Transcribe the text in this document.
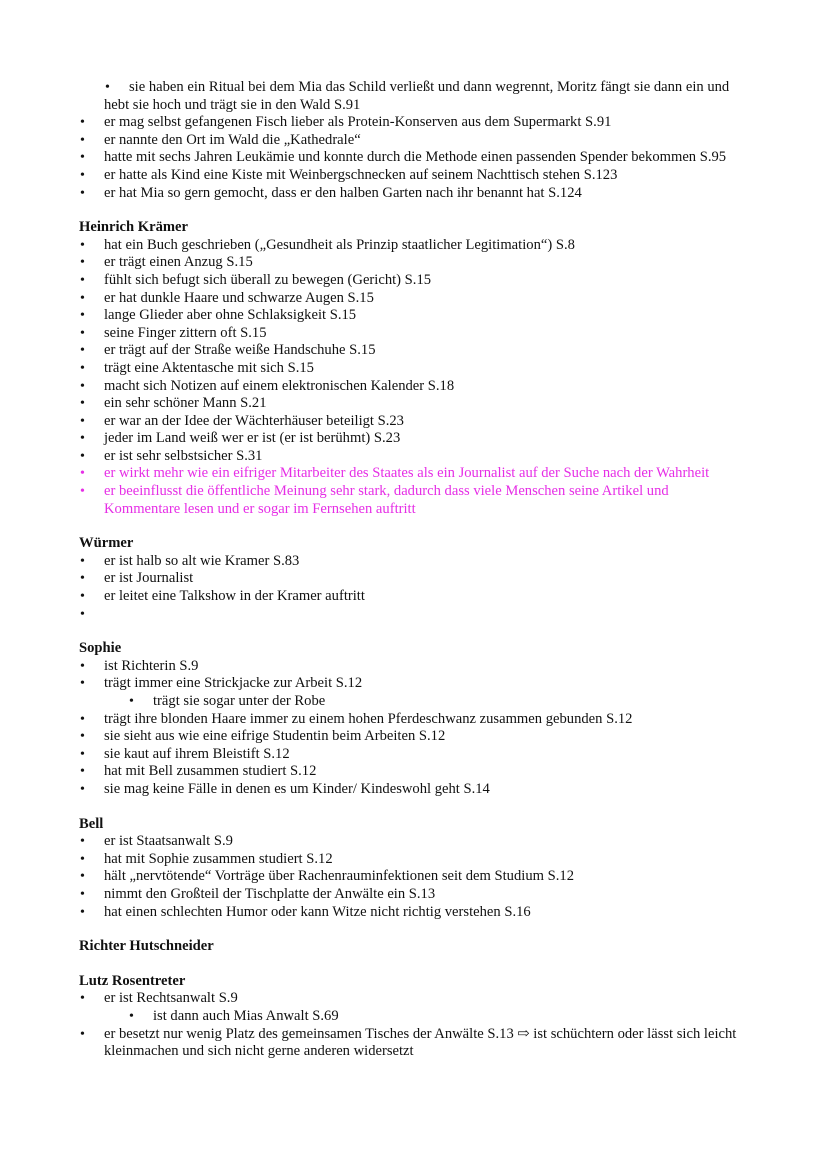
• sie haben ein Ritual bei dem Mia das Schild verließt und dann wegrennt, Moritz fängt sie dann ein und hebt sie hoch und trägt sie in den Wald S.91
• er mag selbst gefangenen Fisch lieber als Protein-Konserven aus dem Supermarkt S.91
• er nannte den Ort im Wald die „Kathedrale“
• hatte mit sechs Jahren Leukämie und konnte durch die Methode einen passenden Spender bekommen S.95
• er hatte als Kind eine Kiste mit Weinbergschnecken auf seinem Nachttisch stehen S.123
• er hat Mia so gern gemocht, dass er den halben Garten nach ihr benannt hat S.124
Heinrich Krämer
• hat ein Buch geschrieben („Gesundheit als Prinzip staatlicher Legitimation“) S.8
• er trägt einen Anzug S.15
• fühlt sich befugt sich überall zu bewegen (Gericht) S.15
• er hat dunkle Haare und schwarze Augen S.15
• lange Glieder aber ohne Schlaksigkeit S.15
• seine Finger zittern oft S.15
• er trägt auf der Straße weiße Handschuhe S.15
• trägt eine Aktentasche mit sich S.15
• macht sich Notizen auf einem elektronischen Kalender S.18
• ein sehr schöner Mann S.21
• er war an der Idee der Wächterhäuser beteiligt S.23
• jeder im Land weiß wer er ist (er ist berühmt) S.23
• er ist sehr selbstsicher S.31
• er wirkt mehr wie ein eifriger Mitarbeiter des Staates als ein Journalist auf der Suche nach der Wahrheit
• er beeinflusst die öffentliche Meinung sehr stark, dadurch dass viele Menschen seine Artikel und Kommentare lesen und er sogar im Fernsehen auftritt
Würmer
• er ist halb so alt wie Kramer S.83
• er ist Journalist
• er leitet eine Talkshow in der Kramer auftritt
•
Sophie
• ist Richterin S.9
• trägt immer eine Strickjacke zur Arbeit S.12
• trägt sie sogar unter der Robe
• trägt ihre blonden Haare immer zu einem hohen Pferdeschwanz zusammen gebunden S.12
• sie sieht aus wie eine eifrige Studentin beim Arbeiten S.12
• sie kaut auf ihrem Bleistift S.12
• hat mit Bell zusammen studiert S.12
• sie mag keine Fälle in denen es um Kinder/ Kindeswohl geht S.14
Bell
• er ist Staatsanwalt S.9
• hat mit Sophie zusammen studiert S.12
• hält „nervtötende“ Vorträge über Rachenrauminfektionen seit dem Studium S.12
• nimmt den Großteil der Tischplatte der Anwälte ein S.13
• hat einen schlechten Humor oder kann Witze nicht richtig verstehen S.16
Richter Hutschneider
Lutz Rosentreter
• er ist Rechtsanwalt S.9
• ist dann auch Mias Anwalt S.69
• er besetzt nur wenig Platz des gemeinsamen Tisches der Anwälte S.13 ⇨ ist schüchtern oder lässt sich leicht kleinmachen und sich nicht gerne anderen widersetzt
